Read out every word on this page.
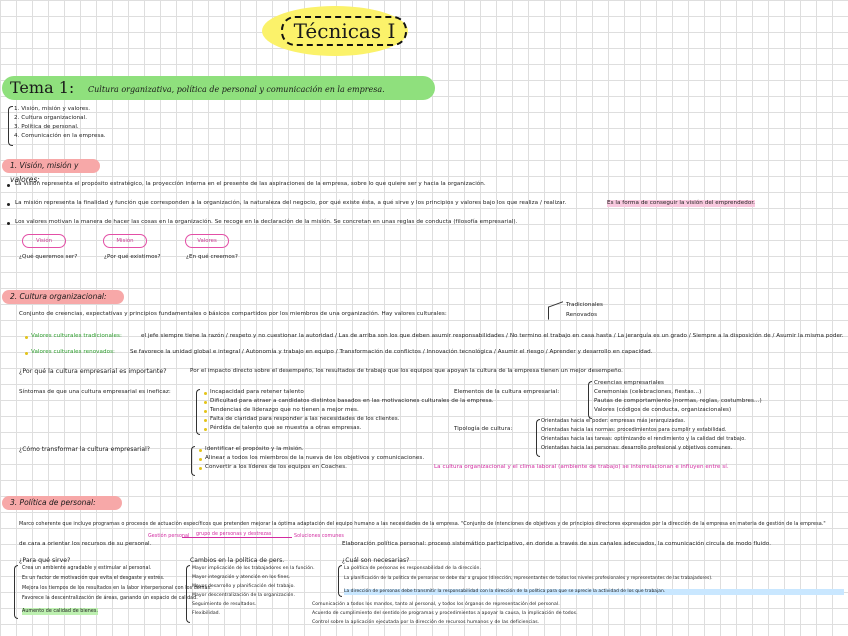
Técnicas I
Tema 1: Cultura organizativa, política de personal y comunicación en la empresa.
1. Visión, misión y valores.
2. Cultura organizacional.
3. Política de personal.
4. Comunicación en la empresa.
1. Visión, misión y valores:
La visión representa el propósito estratégico, la proyección interna en el presente de las aspiraciones de la empresa, sobre lo que quiere ser y hacia la organización.
La misión representa la finalidad y función que corresponden a la organización, la naturaleza del negocio, por qué existe ésta, a qué sirve y los principios y valores bajo los que realiza / realizar.	Es la forma de conseguir la visión del emprendedor.
Los valores motivan la manera de hacer las cosas en la organización. Se recoge en la declaración de la misión. Se concretan en unas reglas de conducta (filosofía empresarial).
Visión	Misión	Valores
¿Qué queremos ser?	¿Por qué existimos?	¿En qué creemos?
2. Cultura organizacional:
Conjunto de creencias, expectativas y principios fundamentales o básicos compartidos por los miembros de una organización. Hay valores culturales:
Tradicionales
Renovados
Valores culturales tradicionales:	el jefe siempre tiene la razón / respeto y no cuestionar la autoridad / Las de arriba son los que deben asumir responsabilidades / No termino el trabajo en casa hasta / La jerarquía es un grado / Siempre a la disposición de / Asumir la misma poder.
Valores culturales renovados:	Se favorece la unidad global e integral / Autonomía y trabajo en equipo / Transformación de conflictos / Innovación tecnológica / Asumir el riesgo / Aprender y desarrollo en capacidad.
¿Por qué la cultura empresarial es importante?	Por el impacto directo sobre el desempeño, los resultados de trabajo que los equipos que apoyan la cultura de la empresa tienen un mejor desempeño.
Síntomas de que una cultura empresarial es ineficaz:	Incapacidad para retener talento
Dificultad para atraer a candidatos distintos basados en las motivaciones culturales de la empresa.
Tendencias de liderazgo que no tienen a mejor mes.
Falta de claridad para responder a las necesidades de los clientes.
Pérdida de talento que se muestra a otras empresas.
Elementos de la cultura empresarial:
Creencias empresariales
Ceremonias (celebraciones, fiestas...)
Pautas de comportamiento (normas, reglas, costumbres...)
Valores (códigos de conducta, organizacionales)
Tipología de cultura:
Orientadas hacia el poder: empresas más jerarquizadas.
Orientadas hacia las normas: procedimientos para cumplir y estabilidad.
Orientadas hacia las tareas: optimizando el rendimiento y la calidad del trabajo.
Orientadas hacia las personas: desarrollo profesional y objetivos comunes.
¿Cómo transformar la cultura empresarial?	Identificar el propósito y la misión.
Alinear a todos los miembros de la nueva de los objetivos y comunicaciones.
Convertir a los líderes de los equipos en Coaches.	La cultura organizacional y el clima laboral (ambiente de trabajo) se interrelacionan e influyen entre sí.
3. Política de personal:
Marco coherente que incluye programas o procesos de actuación específicos que pretenden mejorar la óptima adaptación del equipo humano a las necesidades de la empresa. "Conjunto de intenciones de objetivos y de principios directores expresados por la dirección de la empresa en materia de gestión de la empresa."
de cara a orientar los recursos de su personal.
Gestión personal grupo de personas y destrezas	Soluciones comunes
Elaboración política personal: proceso sistemático participativo, en donde a través de sus canales adecuados, la comunicación circula de modo fluido.
¿Para qué sirve?
Crea un ambiente agradable y estimular al personal.
Es un factor de motivación que evita el desgaste y estrés.
Mejora los tiempos de los resultados en la labor interpersonal con los demás.
Favorece la descentralización de áreas, ganando un espacio de calidad.
Aumento de calidad de bienes.
Cambios en la política de pers.
Mayor implicación de los trabajadores en la función.
Mayor integración y atención en los fines.
Mayor desarrollo y planificación del trabajo.
Mayor descentralización de la organización.
Seguimiento de resultados.
Flexibilidad.
¿Cuál son necesarias?
La política de personas es responsabilidad de la dirección.
La planificación de la política de personas se debe dar a grupos (dirección, representantes de todos los niveles profesionales y representantes de las trabajadores).
La dirección de personas debe transmitir la responsabilidad con la dirección de la política para que se aprecie la actividad de los que trabajan.
Comunicación a todos los mandos, tanto al personal, y todos los órganos de representación del personal.
Acuerdo de cumplimiento del sentido de programas y procedimientos a apoyar la causa, la implicación de todos.
Control sobre la aplicación ejecutada por la dirección de recursos humanos y de las deficiencias.
